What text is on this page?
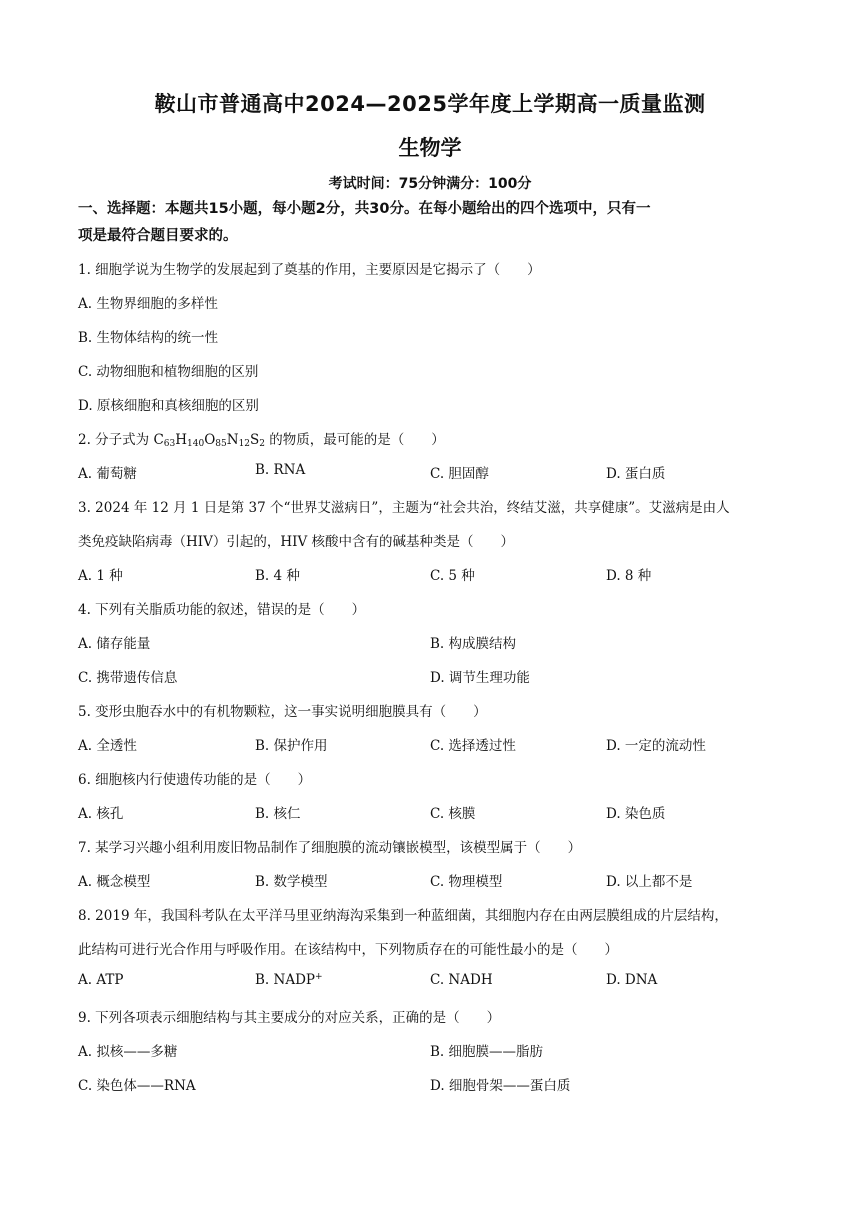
鞍山市普通高中2024—2025学年度上学期高一质量监测
生物学
考试时间：75分钟满分：100分
一、选择题：本题共15小题，每小题2分，共30分。在每小题给出的四个选项中，只有一
项是最符合题目要求的。
1. 细胞学说为生物学的发展起到了奠基的作用，主要原因是它揭示了（　　）
A. 生物界细胞的多样性
B. 生物体结构的统一性
C. 动物细胞和植物细胞的区别
D. 原核细胞和真核细胞的区别
2. 分子式为 $C_{63}H_{140}O_{85}N_{12}S_2$ 的物质，最可能的是（　　）
A. 葡萄糖	B. RNA	C. 胆固醇	D. 蛋白质
3. 2024 年 12 月 1 日是第 37 个“世界艾滋病日”，主题为“社会共治，终结艾滋，共享健康”。艾滋病是由人
类免疫缺陷病毒（HIV）引起的，HIV 核酸中含有的碱基种类是（　　）
A. 1 种	B. 4 种	C. 5 种	D. 8 种
4. 下列有关脂质功能的叙述，错误的是（　　）
A. 储存能量	B. 构成膜结构
C. 携带遗传信息	D. 调节生理功能
5. 变形虫胞吞水中的有机物颗粒，这一事实说明细胞膜具有（　　）
A. 全透性	B. 保护作用	C. 选择透过性	D. 一定的流动性
6. 细胞核内行使遗传功能的是（　　）
A. 核孔	B. 核仁	C. 核膜	D. 染色质
7. 某学习兴趣小组利用废旧物品制作了细胞膜的流动镶嵌模型，该模型属于（　　）
A. 概念模型	B. 数学模型	C. 物理模型	D. 以上都不是
8. 2019 年，我国科考队在太平洋马里亚纳海沟采集到一种蓝细菌，其细胞内存在由两层膜组成的片层结构，
此结构可进行光合作用与呼吸作用。在该结构中，下列物质存在的可能性最小的是（　　）
A. ATP	B. NADP+	C. NADH	D. DNA
9. 下列各项表示细胞结构与其主要成分的对应关系，正确的是（　　）
A. 拟核——多糖	B. 细胞膜——脂肪
C. 染色体——RNA	D. 细胞骨架——蛋白质
